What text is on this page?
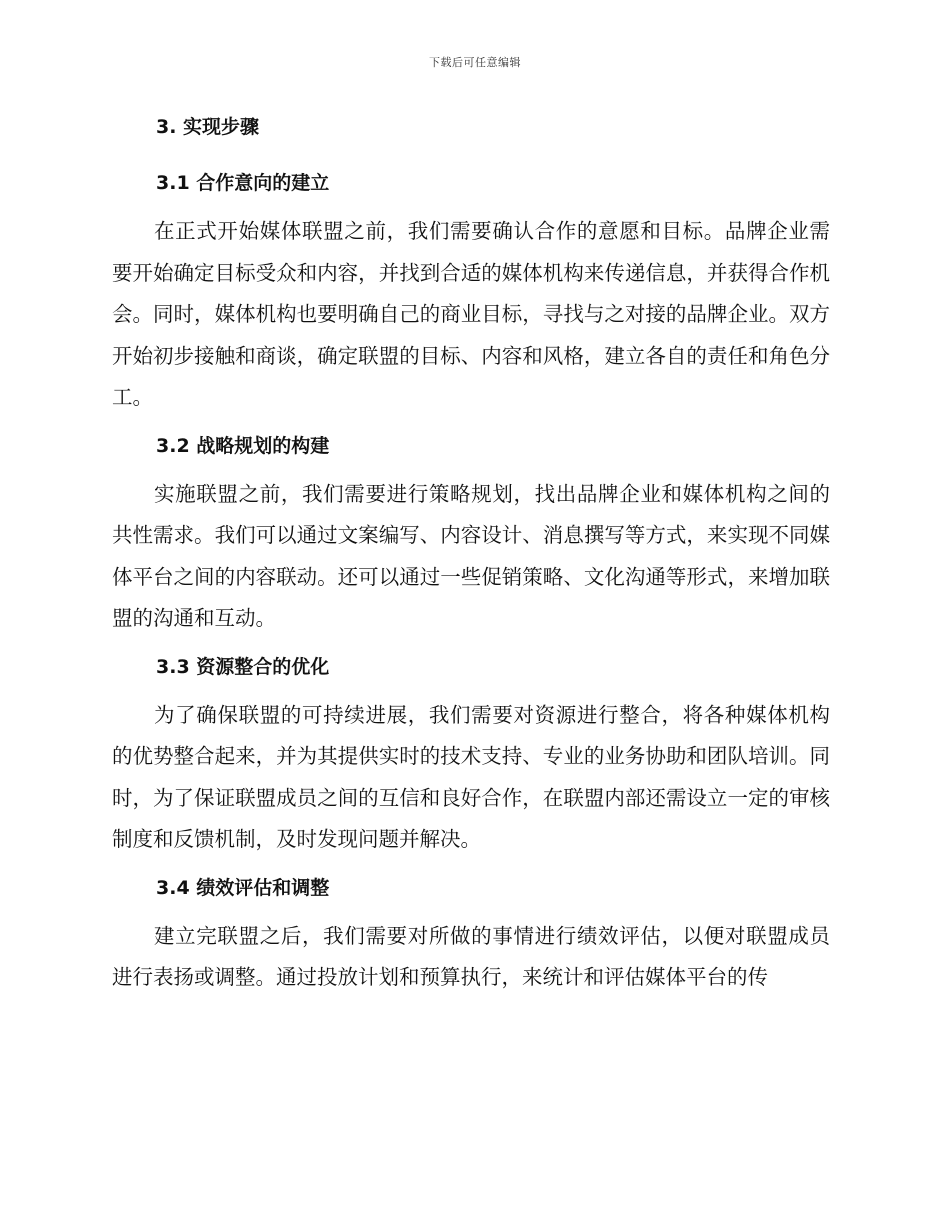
下载后可任意编辑
3. 实现步骤
3.1 合作意向的建立

在正式开始媒体联盟之前，我们需要确认合作的意愿和目标。品牌企业需要开始确定目标受众和内容，并找到合适的媒体机构来传递信息，并获得合作机会。同时，媒体机构也要明确自己的商业目标，寻找与之对接的品牌企业。双方开始初步接触和商谈，确定联盟的目标、内容和风格，建立各自的责任和角色分工。

3.2 战略规划的构建

实施联盟之前，我们需要进行策略规划，找出品牌企业和媒体机构之间的共性需求。我们可以通过文案编写、内容设计、消息撰写等方式，来实现不同媒体平台之间的内容联动。还可以通过一些促销策略、文化沟通等形式，来增加联盟的沟通和互动。

3.3 资源整合的优化

为了确保联盟的可持续进展，我们需要对资源进行整合，将各种媒体机构的优势整合起来，并为其提供实时的技术支持、专业的业务协助和团队培训。同时，为了保证联盟成员之间的互信和良好合作，在联盟内部还需设立一定的审核制度和反馈机制，及时发现问题并解决。

3.4 绩效评估和调整

建立完联盟之后，我们需要对所做的事情进行绩效评估，以便对联盟成员进行表扬或调整。通过投放计划和预算执行，来统计和评估媒体平台的传
